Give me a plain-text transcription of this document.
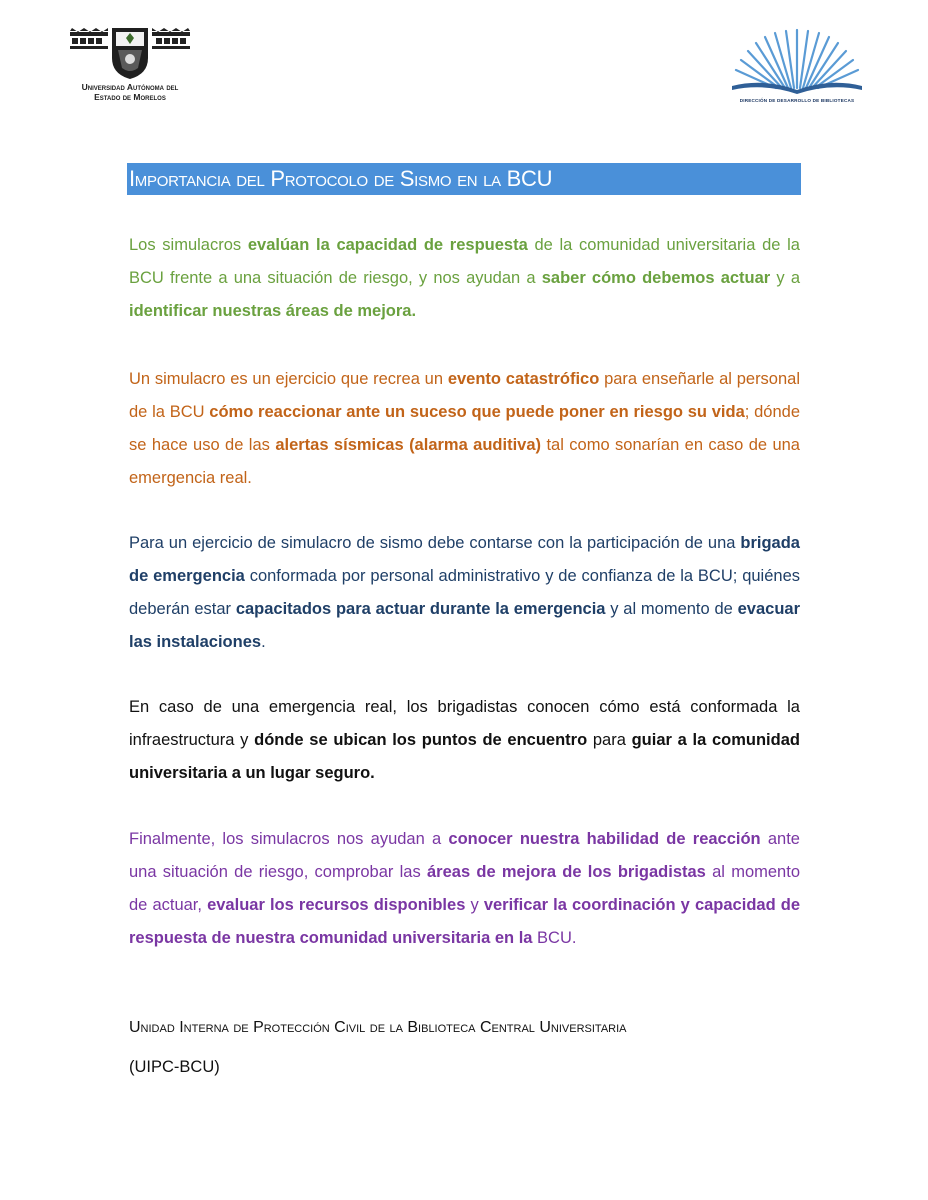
Universidad Autónoma del
Estado de Morelos	DIRECCIÓN DE DESARROLLO DE BIBLIOTECAS
Importancia del Protocolo de Sismo en la BCU

Los simulacros evalúan la capacidad de respuesta de la comunidad universitaria de la BCU frente a una situación de riesgo, y nos ayudan a saber cómo debemos actuar y a identificar nuestras áreas de mejora.

Un simulacro es un ejercicio que recrea un evento catastrófico para enseñarle al personal de la BCU cómo reaccionar ante un suceso que puede poner en riesgo su vida; dónde se hace uso de las alertas sísmicas (alarma auditiva) tal como sonarían en caso de una emergencia real.

Para un ejercicio de simulacro de sismo debe contarse con la participación de una brigada de emergencia conformada por personal administrativo y de confianza de la BCU; quiénes deberán estar capacitados para actuar durante la emergencia y al momento de evacuar las instalaciones.

En caso de una emergencia real, los brigadistas conocen cómo está conformada la infraestructura y dónde se ubican los puntos de encuentro para guiar a la comunidad universitaria a un lugar seguro.

Finalmente, los simulacros nos ayudan a conocer nuestra habilidad de reacción ante una situación de riesgo, comprobar las áreas de mejora de los brigadistas al momento de actuar, evaluar los recursos disponibles y verificar la coordinación y capacidad de respuesta de nuestra comunidad universitaria en la BCU.

Unidad Interna de Protección Civil de la Biblioteca Central Universitaria
(UIPC-BCU)
